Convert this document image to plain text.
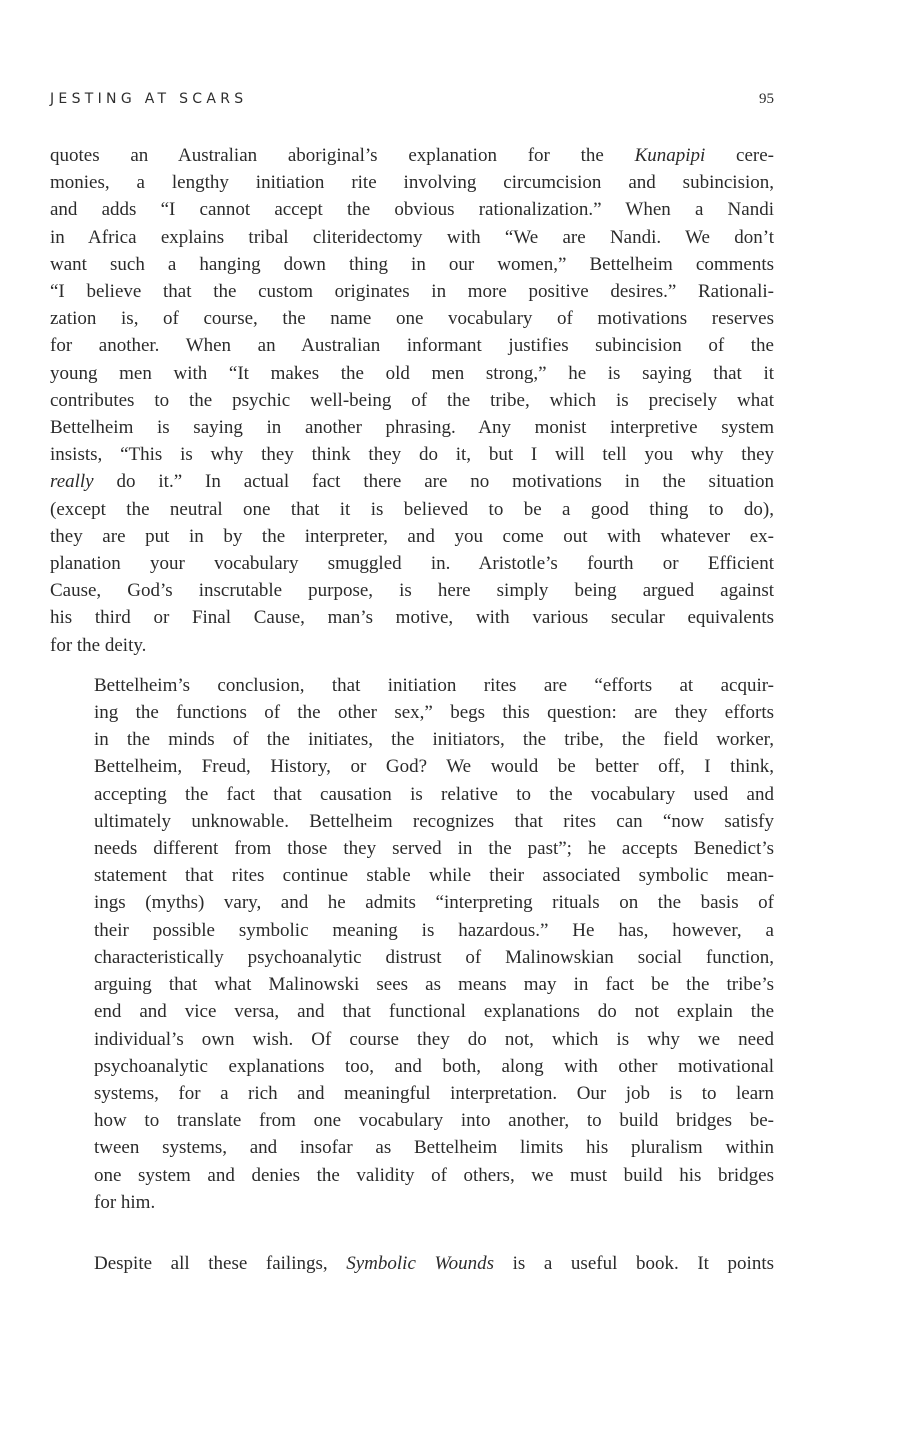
JESTING AT SCARS	95

quotes an Australian aboriginal’s explanation for the Kunapipi cere-
monies, a lengthy initiation rite involving circumcision and subincision,
and adds “I cannot accept the obvious rationalization.” When a Nandi
in Africa explains tribal cliteridectomy with “We are Nandi. We don’t
want such a hanging down thing in our women,” Bettelheim comments
“I believe that the custom originates in more positive desires.” Rationali-
zation is, of course, the name one vocabulary of motivations reserves
for another. When an Australian informant justifies subincision of the
young men with “It makes the old men strong,” he is saying that it
contributes to the psychic well-being of the tribe, which is precisely what
Bettelheim is saying in another phrasing. Any monist interpretive system
insists, “This is why they think they do it, but I will tell you why they
really do it.” In actual fact there are no motivations in the situation
(except the neutral one that it is believed to be a good thing to do),
they are put in by the interpreter, and you come out with whatever ex-
planation your vocabulary smuggled in. Aristotle’s fourth or Efficient
Cause, God’s inscrutable purpose, is here simply being argued against
his third or Final Cause, man’s motive, with various secular equivalents
for the deity.

Bettelheim’s conclusion, that initiation rites are “efforts at acquir-
ing the functions of the other sex,” begs this question: are they efforts
in the minds of the initiates, the initiators, the tribe, the field worker,
Bettelheim, Freud, History, or God? We would be better off, I think,
accepting the fact that causation is relative to the vocabulary used and
ultimately unknowable. Bettelheim recognizes that rites can “now satisfy
needs different from those they served in the past”; he accepts Benedict’s
statement that rites continue stable while their associated symbolic mean-
ings (myths) vary, and he admits “interpreting rituals on the basis of
their possible symbolic meaning is hazardous.” He has, however, a
characteristically psychoanalytic distrust of Malinowskian social function,
arguing that what Malinowski sees as means may in fact be the tribe’s
end and vice versa, and that functional explanations do not explain the
individual’s own wish. Of course they do not, which is why we need
psychoanalytic explanations too, and both, along with other motivational
systems, for a rich and meaningful interpretation. Our job is to learn
how to translate from one vocabulary into another, to build bridges be-
tween systems, and insofar as Bettelheim limits his pluralism within
one system and denies the validity of others, we must build his bridges
for him.

Despite all these failings, Symbolic Wounds is a useful book. It points
